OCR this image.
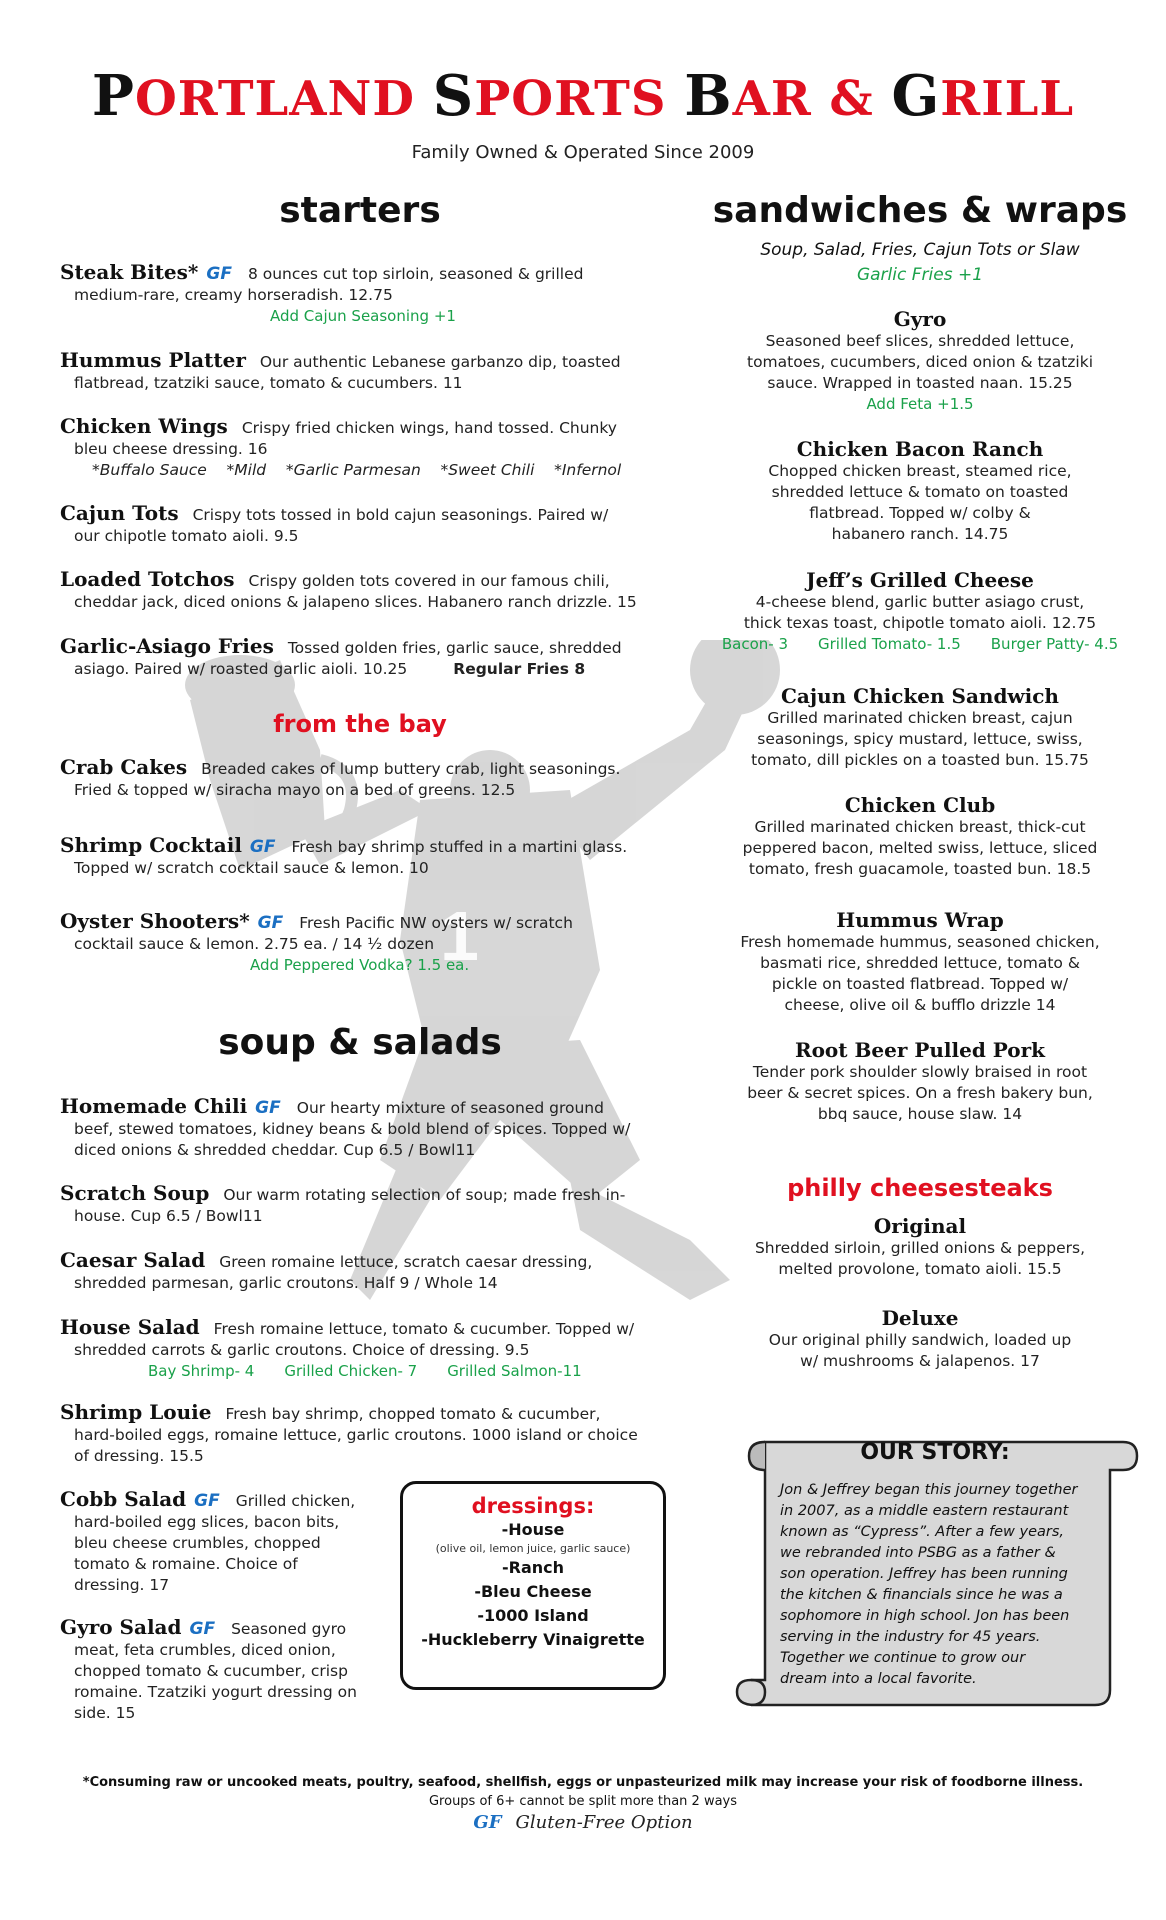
1
PORTLAND SPORTS BAR & GRILL
Family Owned & Operated Since 2009
starters
Steak Bites* GF 8 ounces cut top sirloin, seasoned & grilled
medium-rare, creamy horseradish. 12.75
Add Cajun Seasoning +1
Hummus Platter Our authentic Lebanese garbanzo dip, toasted
flatbread, tzatziki sauce, tomato & cucumbers. 11
Chicken Wings Crispy fried chicken wings, hand tossed. Chunky
bleu cheese dressing. 16
*Buffalo Sauce    *Mild    *Garlic Parmesan    *Sweet Chili    *Infernol
Cajun Tots Crispy tots tossed in bold cajun seasonings. Paired w/
our chipotle tomato aioli. 9.5
Loaded Totchos Crispy golden tots covered in our famous chili,
cheddar jack, diced onions & jalapeno slices. Habanero ranch drizzle. 15
Garlic-Asiago Fries Tossed golden fries, garlic sauce, shredded
asiago. Paired w/ roasted garlic aioli. 10.25	Regular Fries 8
from the bay
Crab Cakes Breaded cakes of lump buttery crab, light seasonings.
Fried & topped w/ siracha mayo on a bed of greens. 12.5
Shrimp Cocktail GF Fresh bay shrimp stuffed in a martini glass.
Topped w/ scratch cocktail sauce & lemon. 10
Oyster Shooters* GF Fresh Pacific NW oysters w/ scratch
cocktail sauce & lemon. 2.75 ea. / 14 ½ dozen
Add Peppered Vodka? 1.5 ea.
soup & salads
Homemade Chili GF Our hearty mixture of seasoned ground
beef, stewed tomatoes, kidney beans & bold blend of spices. Topped w/
diced onions & shredded cheddar. Cup 6.5 / Bowl11
Scratch Soup Our warm rotating selection of soup; made fresh in-
house. Cup 6.5 / Bowl11
Caesar Salad Green romaine lettuce, scratch caesar dressing,
shredded parmesan, garlic croutons. Half 9 / Whole 14
House Salad Fresh romaine lettuce, tomato & cucumber. Topped w/
shredded carrots & garlic croutons. Choice of dressing. 9.5
Bay Shrimp- 4 Grilled Chicken- 7 Grilled Salmon-11
Shrimp Louie Fresh bay shrimp, chopped tomato & cucumber,
hard-boiled eggs, romaine lettuce, garlic croutons. 1000 island or choice
of dressing. 15.5
Cobb Salad GF Grilled chicken,
hard-boiled egg slices, bacon bits,
bleu cheese crumbles, chopped
tomato & romaine. Choice of
dressing. 17
Gyro Salad GF Seasoned gyro
meat, feta crumbles, diced onion,
chopped tomato & cucumber, crisp
romaine. Tzatziki yogurt dressing on
side. 15
dressings:
-House
(olive oil, lemon juice, garlic sauce)
-Ranch
-Bleu Cheese
-1000 Island
-Huckleberry Vinaigrette
sandwiches & wraps
Soup, Salad, Fries, Cajun Tots or Slaw
Garlic Fries +1
Gyro
Seasoned beef slices, shredded lettuce,
tomatoes, cucumbers, diced onion & tzatziki
sauce. Wrapped in toasted naan. 15.25
Add Feta +1.5
Chicken Bacon Ranch
Chopped chicken breast, steamed rice,
shredded lettuce & tomato on toasted
flatbread. Topped w/ colby &
habanero ranch. 14.75
Jeff’s Grilled Cheese
4-cheese blend, garlic butter asiago crust,
thick texas toast, chipotle tomato aioli. 12.75
Bacon- 3 Grilled Tomato- 1.5 Burger Patty- 4.5
Cajun Chicken Sandwich
Grilled marinated chicken breast, cajun
seasonings, spicy mustard, lettuce, swiss,
tomato, dill pickles on a toasted bun. 15.75
Chicken Club
Grilled marinated chicken breast, thick-cut
peppered bacon, melted swiss, lettuce, sliced
tomato, fresh guacamole, toasted bun. 18.5
Hummus Wrap
Fresh homemade hummus, seasoned chicken,
basmati rice, shredded lettuce, tomato &
pickle on toasted flatbread. Topped w/
cheese, olive oil & bufflo drizzle 14
Root Beer Pulled Pork
Tender pork shoulder slowly braised in root
beer & secret spices. On a fresh bakery bun,
bbq sauce, house slaw. 14
philly cheesesteaks
Original
Shredded sirloin, grilled onions & peppers,
melted provolone, tomato aioli. 15.5
Deluxe
Our original philly sandwich, loaded up
w/ mushrooms & jalapenos. 17
OUR STORY:
Jon & Jeffrey began this journey together
in 2007, as a middle eastern restaurant
known as “Cypress”. After a few years,
we rebranded into PSBG as a father &
son operation. Jeffrey has been running
the kitchen & financials since he was a
sophomore in high school. Jon has been
serving in the industry for 45 years.
Together we continue to grow our
dream into a local favorite.
*Consuming raw or uncooked meats, poultry, seafood, shellfish, eggs or unpasteurized milk may increase your risk of foodborne illness.
Groups of 6+ cannot be split more than 2 ways
GF Gluten-Free Option
